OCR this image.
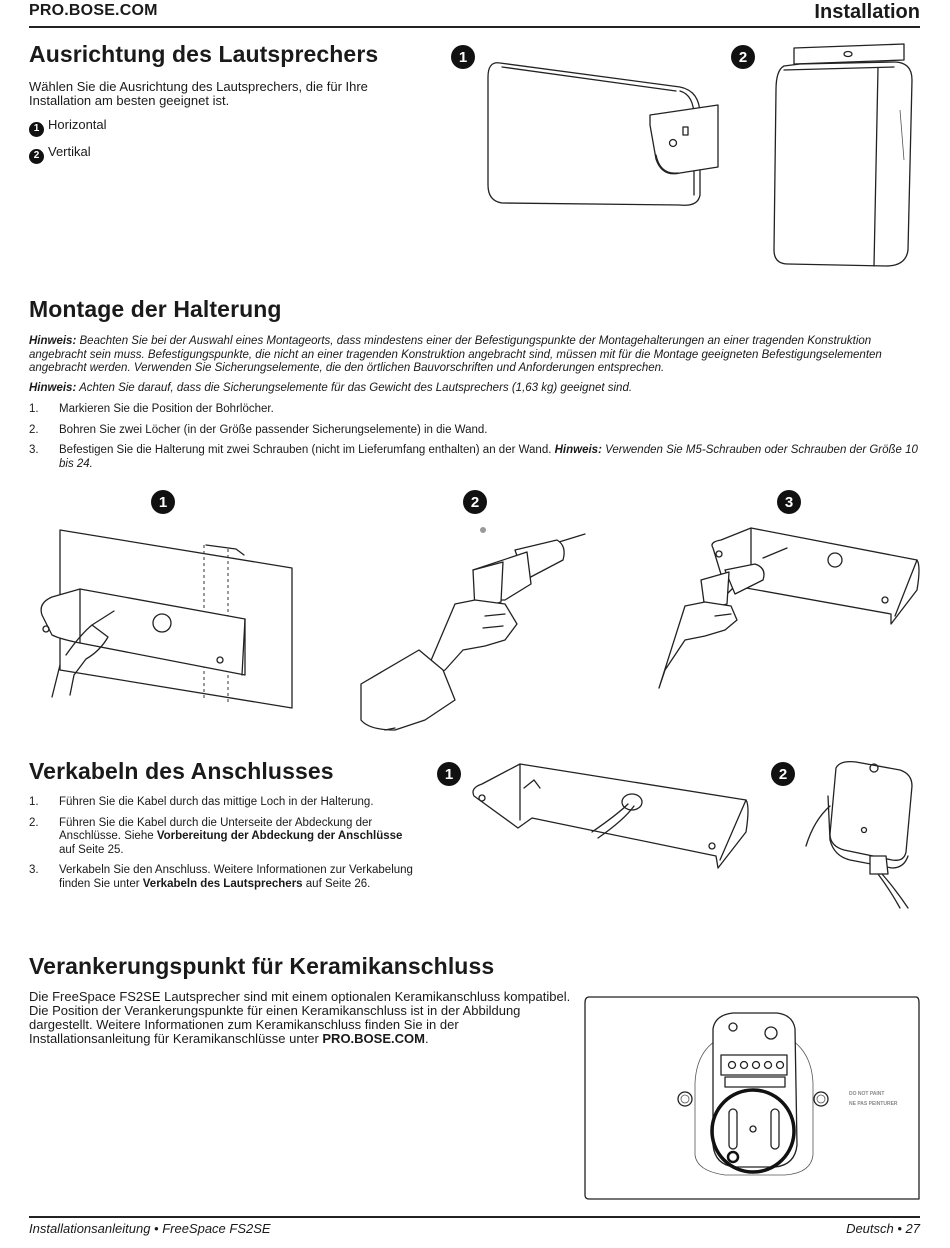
PRO.BOSE.COM	Installation
Ausrichtung des Lautsprechers
Wählen Sie die Ausrichtung des Lautsprechers, die für Ihre Installation am besten geeignet ist.
1 Horizontal
2 Vertikal
1	2
Montage der Halterung
Hinweis: Beachten Sie bei der Auswahl eines Montageorts, dass mindestens einer der Befestigungspunkte der Montagehalterungen an einer tragenden Konstruktion angebracht sein muss. Befestigungspunkte, die nicht an einer tragenden Konstruktion angebracht sind, müssen mit für die Montage geeigneten Befestigungselementen angebracht werden. Verwenden Sie Sicherungselemente, die den örtlichen Bauvorschriften und Anforderungen entsprechen.
Hinweis: Achten Sie darauf, dass die Sicherungselemente für das Gewicht des Lautsprechers (1,63 kg) geeignet sind.
1. Markieren Sie die Position der Bohrlöcher.
2. Bohren Sie zwei Löcher (in der Größe passender Sicherungselemente) in die Wand.
3. Befestigen Sie die Halterung mit zwei Schrauben (nicht im Lieferumfang enthalten) an der Wand. Hinweis: Verwenden Sie M5-Schrauben oder Schrauben der Größe 10 bis 24.
1	2	3
Verkabeln des Anschlusses
1. Führen Sie die Kabel durch das mittige Loch in der Halterung.
2. Führen Sie die Kabel durch die Unterseite der Abdeckung der Anschlüsse. Siehe Vorbereitung der Abdeckung der Anschlüsse auf Seite 25.
3. Verkabeln Sie den Anschluss. Weitere Informationen zur Verkabelung finden Sie unter Verkabeln des Lautsprechers auf Seite 26.
1	2
Verankerungspunkt für Keramikanschluss
Die FreeSpace FS2SE Lautsprecher sind mit einem optionalen Keramikanschluss kompatibel. Die Position der Verankerungspunkte für einen Keramikanschluss ist in der Abbildung dargestellt. Weitere Informationen zum Keramikanschluss finden Sie in der Installationsanleitung für Keramikanschlüsse unter PRO.BOSE.COM.
DO NOT PAINT
NE PAS PEINTURER
Installationsanleitung • FreeSpace FS2SE	Deutsch • 27
